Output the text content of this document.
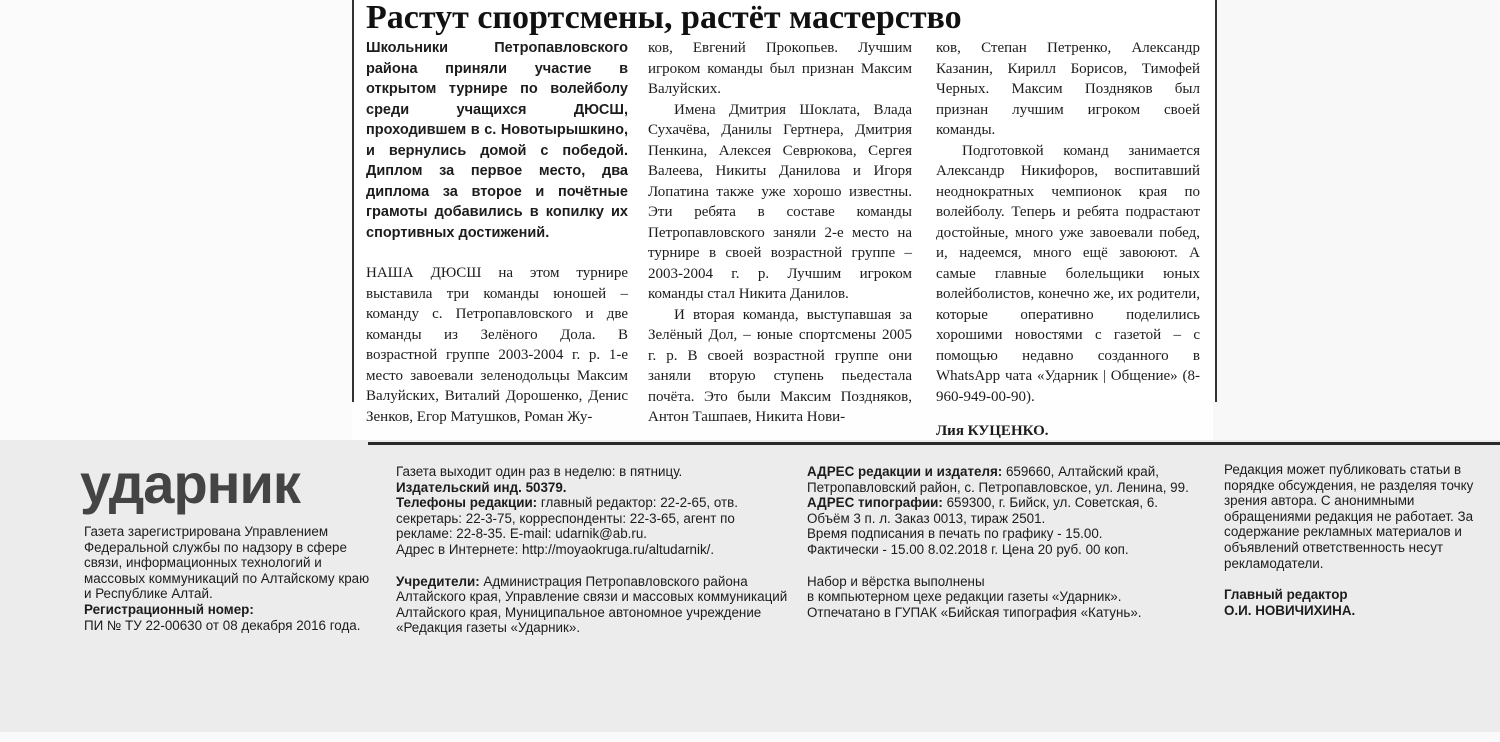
Растут спортсмены, растёт мастерство

Школьники Петропавловского района приняли участие в открытом турнире по волейболу среди учащихся ДЮСШ, проходившем в с. Новотырышкино, и вернулись домой с победой. Диплом за первое место, два диплома за второе и почётные грамоты добавились в копилку их спортивных достижений.

НАША ДЮСШ на этом турнире выставила три команды юношей – команду с. Петропавловского и две команды из Зелёного Дола. В возрастной группе 2003-2004 г. р. 1-е место завоевали зеленодольцы Максим Валуйских, Виталий Дорошенко, Денис Зенков, Егор Матушков, Роман Жу-

ков, Евгений Прокопьев. Лучшим игроком команды был признан Максим Валуйских.

Имена Дмитрия Шоклата, Влада Сухачёва, Данилы Гертнера, Дмитрия Пенкина, Алексея Севрюкова, Сергея Валеева, Никиты Данилова и Игоря Лопатина также уже хорошо известны. Эти ребята в составе команды Петропавловского заняли 2-е место на турнире в своей возрастной группе – 2003-2004 г. р. Лучшим игроком команды стал Никита Данилов.

И вторая команда, выступавшая за Зелёный Дол, – юные спортсмены 2005 г. р. В своей возрастной группе они заняли вторую ступень пьедестала почёта. Это были Максим Поздняков, Антон Ташпаев, Никита Нови-

ков, Степан Петренко, Александр Казанин, Кирилл Борисов, Тимофей Черных. Максим Поздняков был признан лучшим игроком своей команды.

Подготовкой команд занимается Александр Никифоров, воспитавший неоднократных чемпионок края по волейболу. Теперь и ребята подрастают достойные, много уже завоевали побед, и, надеемся, много ещё завоюют. А самые главные болельщики юных волейболистов, конечно же, их родители, которые оперативно поделились хорошими новостями с газетой – с помощью недавно созданного в WhatsApp чата «Ударник | Общение» (8-960-949-00-90).

Лия КУЦЕНКО.

ударник
Газета зарегистрирована Управлением Федеральной службы по надзору в сфере связи, информационных технологий и массовых коммуникаций по Алтайскому краю и Республике Алтай.
Регистрационный номер:
ПИ № ТУ 22-00630 от 08 декабря 2016 года.
Газета выходит один раз в неделю: в пятницу.
Издательский инд. 50379.
Телефоны редакции: главный редактор: 22-2-65, отв. секретарь: 22-3-75, корреспонденты: 22-3-65, агент по рекламе: 22-8-35. E-mail: udarnik@ab.ru.
Адрес в Интернете: http://moyaokruga.ru/altudarnik/.
Учредители: Администрация Петропавловского района Алтайского края, Управление связи и массовых коммуникаций Алтайского края, Муниципальное автономное учреждение «Редакция газеты «Ударник».
АДРЕС редакции и издателя: 659660, Алтайский край, Петропавловский район, с. Петропавловское, ул. Ленина, 99.
АДРЕС типографии: 659300, г. Бийск, ул. Советская, 6.
Объём 3 п. л. Заказ 0013, тираж 2501.
Время подписания в печать по графику - 15.00.
Фактически - 15.00 8.02.2018 г. Цена 20 руб. 00 коп.
Набор и вёрстка выполнены
в компьютерном цехе редакции газеты «Ударник».
Отпечатано в ГУПАК «Бийская типография «Катунь».
Редакция может публиковать статьи в порядке обсуждения, не разделяя точку зрения автора. С анонимными обращениями редакция не работает. За содержание рекламных материалов и объявлений ответственность несут рекламодатели.
Главный редактор
О.И. НОВИЧИХИНА.
